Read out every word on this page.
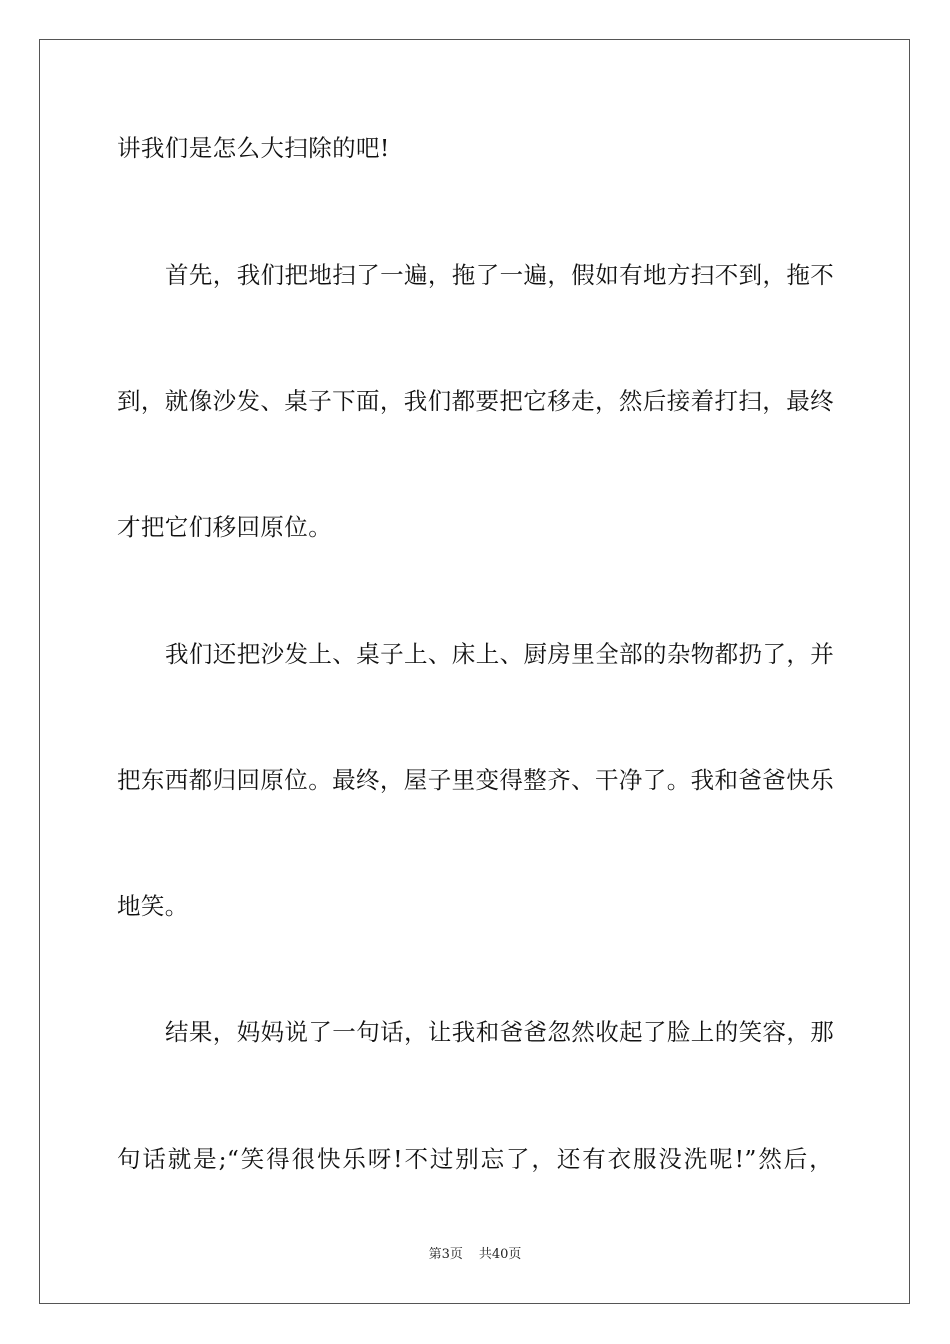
讲我们是怎么大扫除的吧!
首先，我们把地扫了一遍，拖了一遍，假如有地方扫不到，拖不
到，就像沙发、桌子下面，我们都要把它移走，然后接着打扫，最终
才把它们移回原位。
我们还把沙发上、桌子上、床上、厨房里全部的杂物都扔了，并
把东西都归回原位。最终，屋子里变得整齐、干净了。我和爸爸快乐
地笑。
结果，妈妈说了一句话，让我和爸爸忽然收起了脸上的笑容，那
句话就是;“笑得很快乐呀!不过别忘了，还有衣服没洗呢!”然后，
第3页 共40页
